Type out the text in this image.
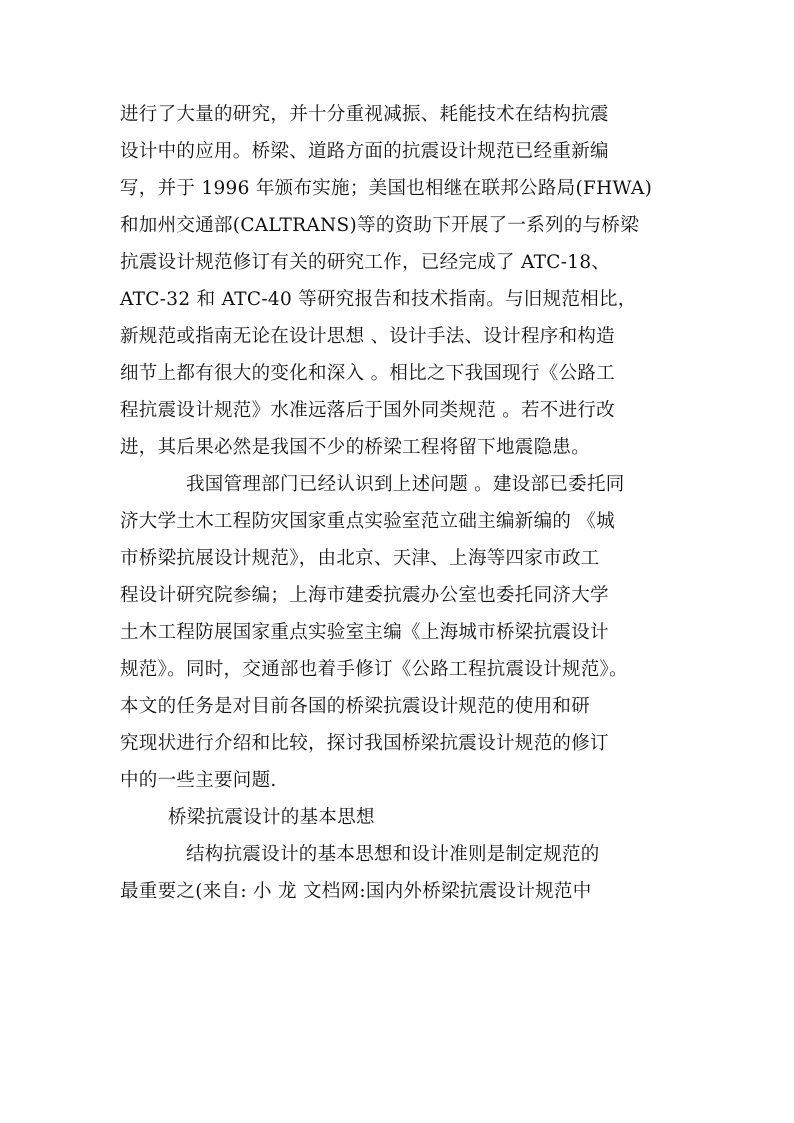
进行了大量的研究，并十分重视减振、耗能技术在结构抗震
设计中的应用。桥梁、道路方面的抗震设计规范已经重新编
写，并于 1996 年颁布实施；美国也相继在联邦公路局(FHWA)
和加州交通部(CALTRANS)等的资助下开展了一系列的与桥梁
抗震设计规范修订有关的研究工作，已经完成了 ATC-18、
ATC-32 和 ATC-40 等研究报告和技术指南。与旧规范相比，
新规范或指南无论在设计思想 、设计手法、设计程序和构造
细节上都有很大的变化和深入 。相比之下我国现行《公路工
程抗震设计规范》水准远落后于国外同类规范 。若不进行改
进，其后果必然是我国不少的桥梁工程将留下地震隐患。
我国管理部门已经认识到上述问题 。建设部已委托同
济大学土木工程防灾国家重点实验室范立础主编新编的 《城
市桥梁抗展设计规范》，由北京、天津、上海等四家市政工
程设计研究院参编；上海市建委抗震办公室也委托同济大学
土木工程防展国家重点实验室主编《上海城市桥梁抗震设计
规范》。同时，交通部也着手修订《公路工程抗震设计规范》。
本文的任务是对目前各国的桥梁抗震设计规范的使用和研
究现状进行介绍和比较，探讨我国桥梁抗震设计规范的修订
中的一些主要问题.
桥梁抗震设计的基本思想
结构抗震设计的基本思想和设计准则是制定规范的
最重要之(来自: 小 龙 文档网:国内外桥梁抗震设计规范中
